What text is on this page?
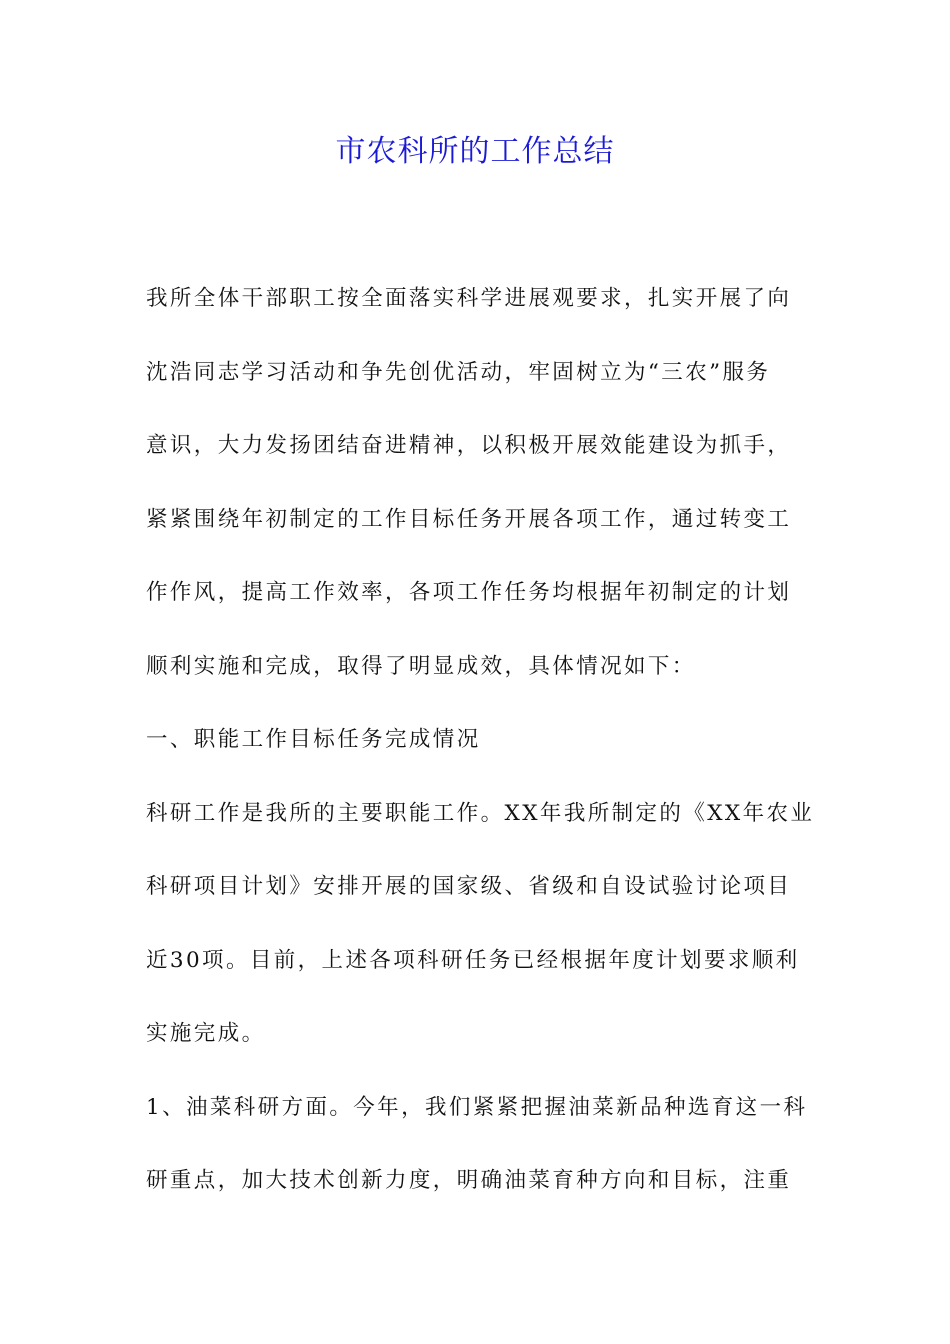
市农科所的工作总结
我所全体干部职工按全面落实科学进展观要求，扎实开展了向
沈浩同志学习活动和争先创优活动，牢固树立为“三农”服务
意识，大力发扬团结奋进精神，以积极开展效能建设为抓手，
紧紧围绕年初制定的工作目标任务开展各项工作，通过转变工
作作风，提高工作效率，各项工作任务均根据年初制定的计划
顺利实施和完成，取得了明显成效，具体情况如下：
一、职能工作目标任务完成情况
科研工作是我所的主要职能工作。XX年我所制定的《XX年农业
科研项目计划》安排开展的国家级、省级和自设试验讨论项目
近30项。目前，上述各项科研任务已经根据年度计划要求顺利
实施完成。
1、油菜科研方面。今年，我们紧紧把握油菜新品种选育这一科
研重点，加大技术创新力度，明确油菜育种方向和目标，注重
